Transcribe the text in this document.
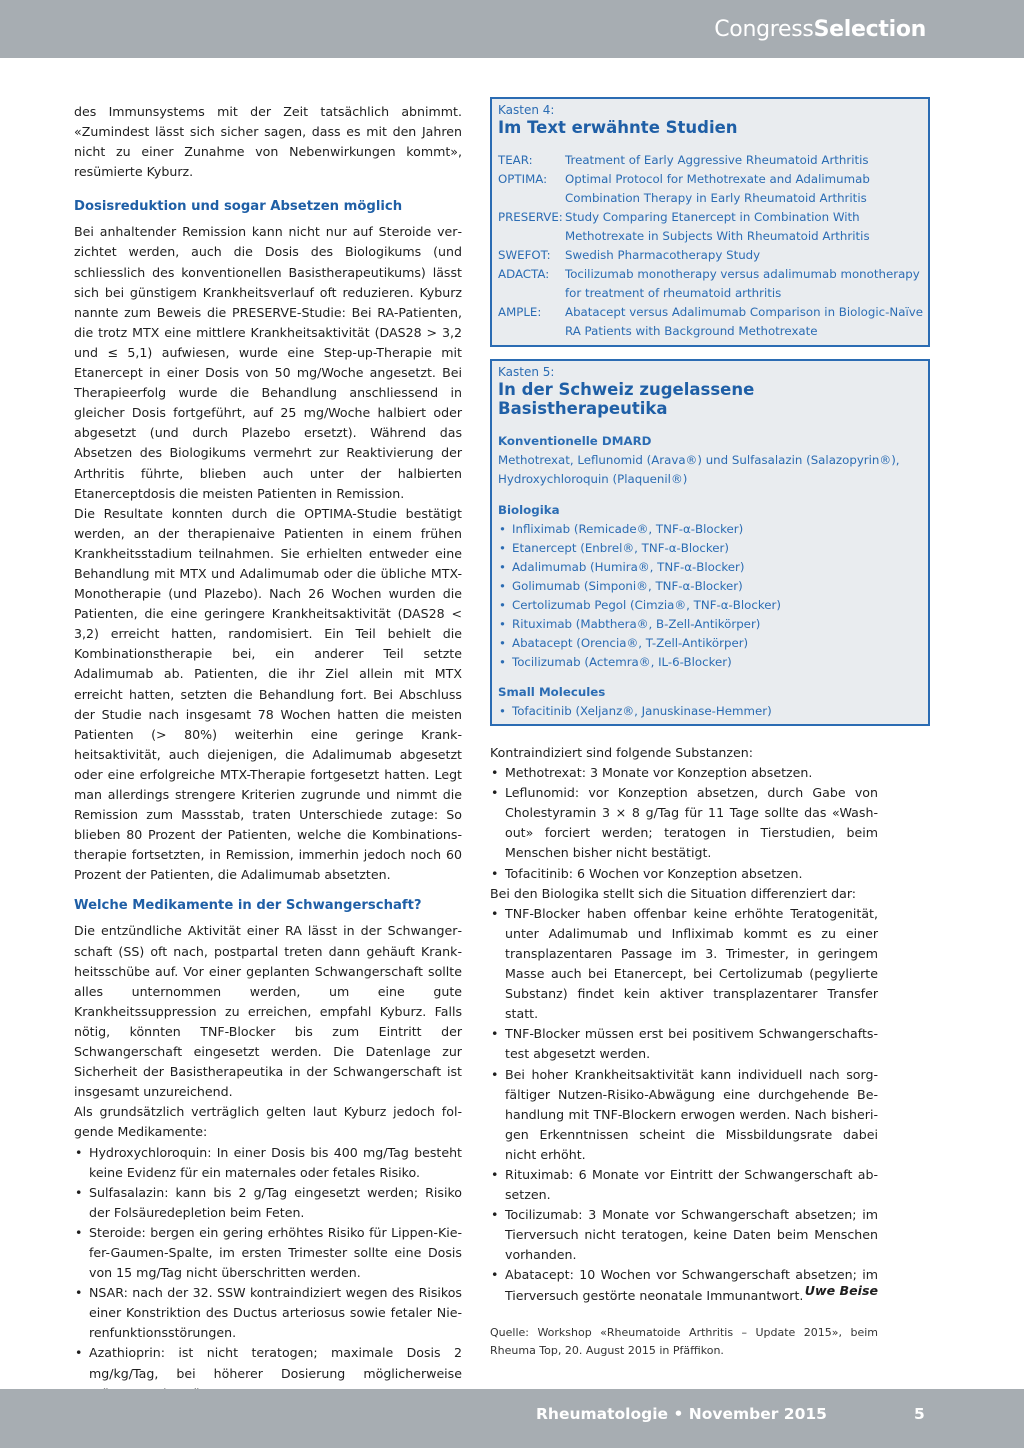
CongressSelection

des Immunsystems mit der Zeit tatsächlich abnimmt. «Zumindest lässt sich sicher sagen, dass es mit den Jahren nicht zu einer Zunahme von Nebenwirkungen kommt», resümierte Kyburz.

Dosisreduktion und sogar Absetzen möglich

Bei anhaltender Remission kann nicht nur auf Steroide verzichtet werden, auch die Dosis des Biologikums (und schliesslich des konventionellen Basistherapeutikums) lässt sich bei günstigem Krankheitsverlauf oft reduzieren. Kyburz nannte zum Beweis die PRESERVE-Studie: Bei RA-Patienten, die trotz MTX eine mittlere Krankheitsaktivität (DAS28 > 3,2 und ≤ 5,1) aufwiesen, wurde eine Step-up-Therapie mit Etanercept in einer Dosis von 50 mg/Woche angesetzt. Bei Therapieerfolg wurde die Behandlung anschliessend in gleicher Dosis fortgeführt, auf 25 mg/Woche halbiert oder abgesetzt (und durch Plazebo ersetzt). Während das Absetzen des Biologikums vermehrt zur Reaktivierung der Arthritis führte, blieben auch unter der halbierten Etanerceptdosis die meisten Patienten in Remission.

Die Resultate konnten durch die OPTIMA-Studie bestätigt werden, an der therapienaive Patienten in einem frühen Krankheitsstadium teilnahmen. Sie erhielten entweder eine Behandlung mit MTX und Adalimumab oder die übliche MTX-Monotherapie (und Plazebo). Nach 26 Wochen wurden die Patienten, die eine geringere Krankheitsaktivität (DAS28 < 3,2) erreicht hatten, randomisiert. Ein Teil behielt die Kombinationstherapie bei, ein anderer Teil setzte Adalimumab ab. Patienten, die ihr Ziel allein mit MTX erreicht hatten, setzten die Behandlung fort. Bei Abschluss der Studie nach insgesamt 78 Wochen hatten die meisten Patienten (> 80%) weiterhin eine geringe Krankheitsaktivität, auch diejenigen, die Adalimumab abgesetzt oder eine erfolgreiche MTX-Therapie fortgesetzt hatten. Legt man allerdings strengere Kriterien zugrunde und nimmt die Remission zum Massstab, traten Unterschiede zutage: So blieben 80 Prozent der Patienten, welche die Kombinationstherapie fortsetzten, in Remission, immerhin jedoch noch 60 Prozent der Patienten, die Adalimumab absetzten.

Welche Medikamente in der Schwangerschaft?

Die entzündliche Aktivität einer RA lässt in der Schwangerschaft (SS) oft nach, postpartal treten dann gehäuft Krankheitsschübe auf. Vor einer geplanten Schwangerschaft sollte alles unternommen werden, um eine gute Krankheitssuppression zu erreichen, empfahl Kyburz. Falls nötig, könnten TNF-Blocker bis zum Eintritt der Schwangerschaft eingesetzt werden. Die Datenlage zur Sicherheit der Basistherapeutika in der Schwangerschaft ist insgesamt unzureichend.

Als grundsätzlich verträglich gelten laut Kyburz jedoch folgende Medikamente:

• Hydroxychloroquin: In einer Dosis bis 400 mg/Tag besteht keine Evidenz für ein maternales oder fetales Risiko.
• Sulfasalazin: kann bis 2 g/Tag eingesetzt werden; Risiko der Folsäuredepletion beim Feten.
• Steroide: bergen ein gering erhöhtes Risiko für Lippen-Kiefer-Gaumen-Spalte, im ersten Trimester sollte eine Dosis von 15 mg/Tag nicht überschritten werden.
• NSAR: nach der 32. SSW kontraindiziert wegen des Risikos einer Konstriktion des Ductus arteriosus sowie fetaler Nierenfunktionsstörungen.
• Azathioprin: ist nicht teratogen; maximale Dosis 2 mg/kg/Tag, bei höherer Dosierung möglicherweise
•
Kasten 4:
Im Text erwähnte Studien
TEAR:	Treatment of Early Aggressive Rheumatoid Arthritis
OPTIMA: Optimal Protocol for Methotrexate and Adalimumab Combination Therapy in Early Rheumatoid Arthritis
PRESERVE: Study Comparing Etanercept in Combination With Methotrexate in Subjects With Rheumatoid Arthritis
SWEFOT: Swedish Pharmacotherapy Study
ADACTA: Tocilizumab monotherapy versus adalimumab monotherapy for treatment of rheumatoid arthritis
AMPLE: Abatacept versus Adalimumab Comparison in Biologic-Naïve RA Patients with Background Methotrexate
Kasten 5:
In der Schweiz zugelassene
Basistherapeutika
Konventionelle DMARD
Methotrexat, Leflunomid (Arava®) und Sulfasalazin (Salazopyrin®), Hydroxychloroquin (Plaquenil®)
Biologika
• Infliximab (Remicade®, TNF-α-Blocker)
• Etanercept (Enbrel®, TNF-α-Blocker)
• Adalimumab (Humira®, TNF-α-Blocker)
• Golimumab (Simponi®, TNF-α-Blocker)
• Certolizumab Pegol (Cimzia®, TNF-α-Blocker)
• Rituximab (Mabthera®, B-Zell-Antikörper)
• Abatacept (Orencia®, T-Zell-Antikörper)
• Tocilizumab (Actemra®, IL-6-Blocker)
Small Molecules
• Tofacitinib (Xeljanz®, Januskinase-Hemmer)

Kontraindiziert sind folgende Substanzen:

• Methotrexat: 3 Monate vor Konzeption absetzen.
• Leflunomid: vor Konzeption absetzen, durch Gabe von Cholestyramin 3 × 8 g/Tag für 11 Tage sollte das «Wash-out» forciert werden; teratogen in Tierstudien, beim Menschen bisher nicht bestätigt.
• Tofacitinib: 6 Wochen vor Konzeption absetzen.

Bei den Biologika stellt sich die Situation differenziert dar:

• TNF-Blocker haben offenbar keine erhöhte Teratogenität, unter Adalimumab und Infliximab kommt es zu einer transplazentaren Passage im 3. Trimester, in geringem Masse auch bei Etanercept, bei Certolizumab (pegylierte Substanz) findet kein aktiver transplazentarer Transfer statt.
• TNF-Blocker müssen erst bei positivem Schwangerschaftstest abgesetzt werden.
• Bei hoher Krankheitsaktivität kann individuell nach sorgfältiger Nutzen-Risiko-Abwägung eine durchgehende Behandlung mit TNF-Blockern erwogen werden. Nach bisherigen Erkenntnissen scheint die Missbildungsrate dabei nicht erhöht.
• Rituximab: 6 Monate vor Eintritt der Schwangerschaft absetzen.
• Tocilizumab: 3 Monate vor Schwangerschaft absetzen; im Tierversuch nicht teratogen, keine Daten beim Menschen vorhanden.
• Abatacept: 10 Wochen vor Schwangerschaft absetzen; im Tierversuch gestörte neonatale Immunantwort. Uwe Beise
Quelle: Workshop «Rheumatoide Arthritis – Update 2015», beim Rheuma Top, 20. August 2015 in Pfäffikon.
Rheumatologie • November 2015	5
